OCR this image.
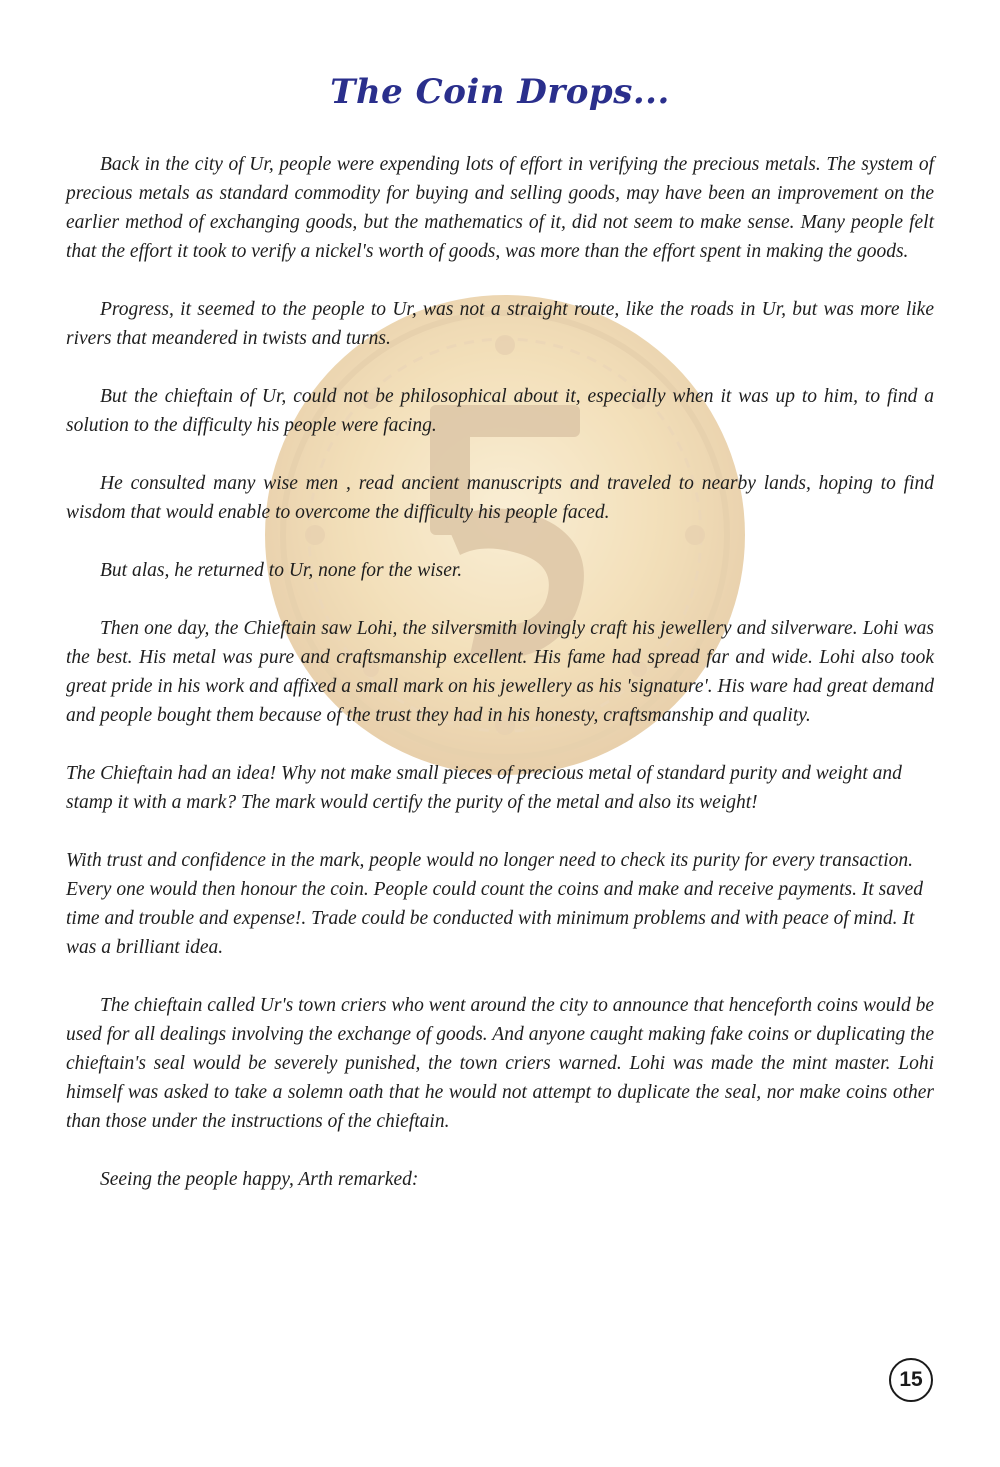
The Coin Drops...

Back in the city of Ur, people were expending lots of effort in verifying the precious metals. The system of precious metals as standard commodity for buying and selling goods, may have been an improvement on the earlier method of exchanging goods, but the mathematics of it, did not seem to make sense. Many people felt that the effort it took to verify a nickel's worth of goods, was more than the effort spent in making the goods.

Progress, it seemed to the people to Ur, was not a straight route, like the roads in Ur, but was more like rivers that meandered in twists and turns.

But the chieftain of Ur, could not be philosophical about it, especially when it was up to him, to find a solution to the difficulty his people were facing.

He consulted many wise men , read ancient manuscripts and traveled to nearby lands, hoping to find wisdom that would enable to overcome the difficulty his people faced.

But alas, he returned to Ur, none for the wiser.

Then one day, the Chieftain saw Lohi, the silversmith lovingly craft his jewellery and silverware. Lohi was the best. His metal was pure and craftsmanship excellent. His fame had spread far and wide. Lohi also took great pride in his work and affixed a small mark on his jewellery as his 'signature'. His ware had great demand and people bought them because of the trust they had in his honesty, craftsmanship and quality.

The Chieftain had an idea! Why not make small pieces of precious metal of standard purity and weight and stamp it with a mark? The mark would certify the purity of the metal and also its weight!

With trust and confidence in the mark, people would no longer need to check its purity for every transaction. Every one would then honour the coin. People could count the coins and make and receive payments. It saved time and trouble and expense!. Trade could be conducted with minimum problems and with peace of mind. It was a brilliant idea.

The chieftain called Ur's town criers who went around the city to announce that henceforth coins would be used for all dealings involving the exchange of goods. And anyone caught making fake coins or duplicating the chieftain's seal would be severely punished, the town criers warned. Lohi was made the mint master. Lohi himself was asked to take a solemn oath that he would not attempt to duplicate the seal, nor make coins other than those under the instructions of the chieftain.

Seeing the people happy, Arth remarked:

15
